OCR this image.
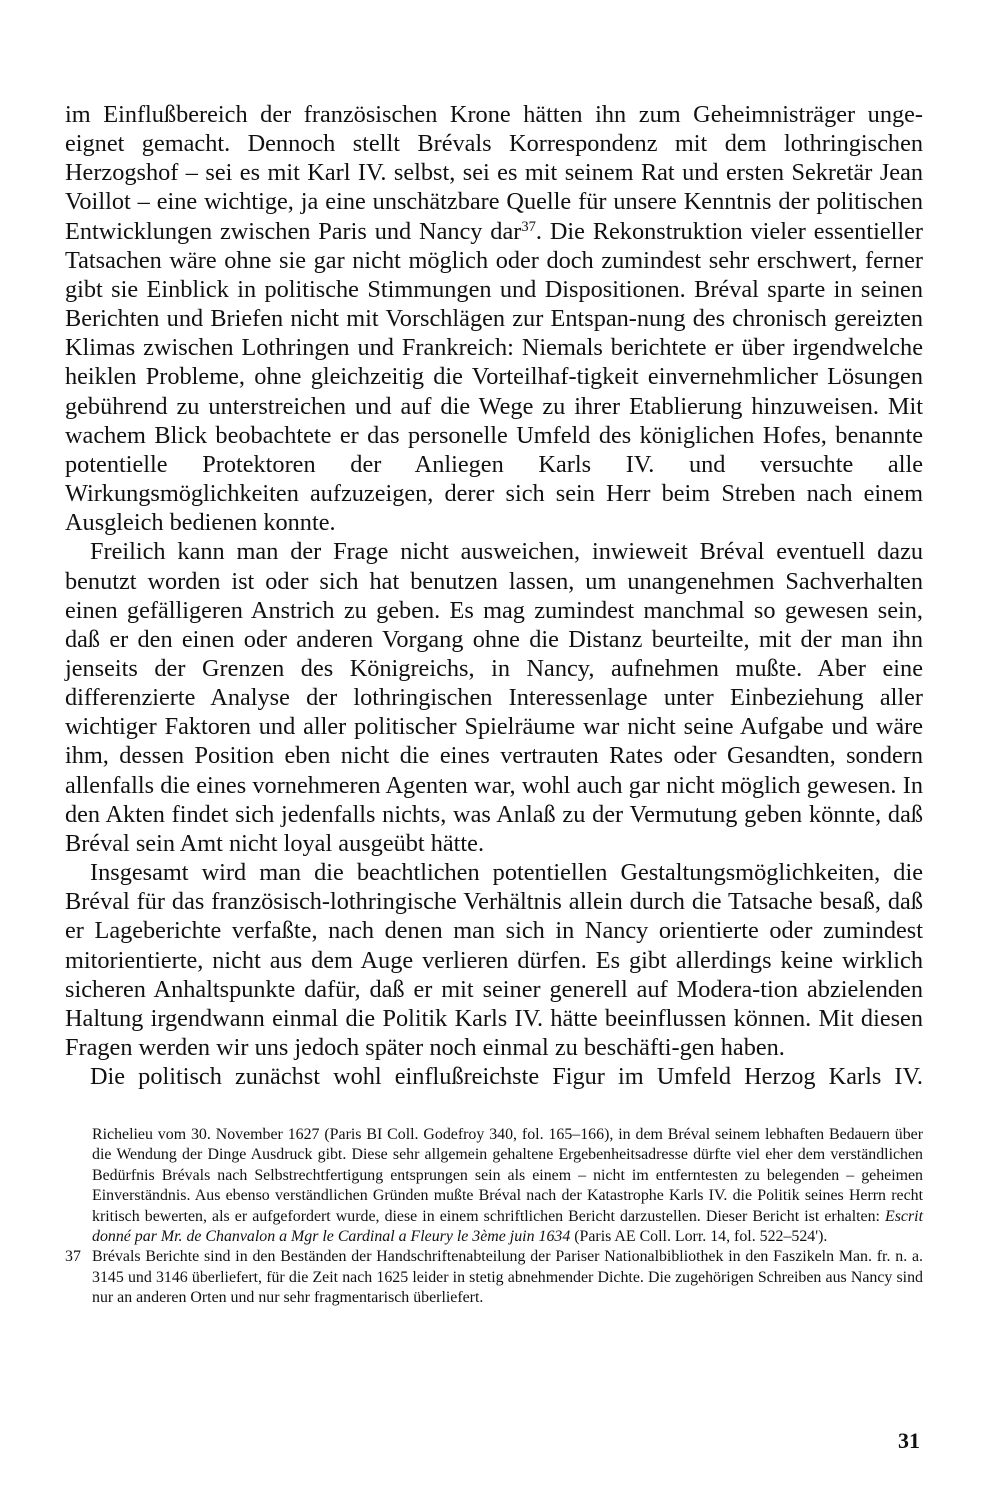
im Einflußbereich der französischen Krone hätten ihn zum Geheimnisträger unge-eignet gemacht. Dennoch stellt Brévals Korrespondenz mit dem lothringischen Herzogshof – sei es mit Karl IV. selbst, sei es mit seinem Rat und ersten Sekretär Jean Voillot – eine wichtige, ja eine unschätzbare Quelle für unsere Kenntnis der politischen Entwicklungen zwischen Paris und Nancy dar$^{37}$. Die Rekonstruktion vieler essentieller Tatsachen wäre ohne sie gar nicht möglich oder doch zumindest sehr erschwert, ferner gibt sie Einblick in politische Stimmungen und Dispositionen. Bréval sparte in seinen Berichten und Briefen nicht mit Vorschlägen zur Entspan-nung des chronisch gereizten Klimas zwischen Lothringen und Frankreich: Niemals berichtete er über irgendwelche heiklen Probleme, ohne gleichzeitig die Vorteilhaf-tigkeit einvernehmlicher Lösungen gebührend zu unterstreichen und auf die Wege zu ihrer Etablierung hinzuweisen. Mit wachem Blick beobachtete er das personelle Umfeld des königlichen Hofes, benannte potentielle Protektoren der Anliegen Karls IV. und versuchte alle Wirkungsmöglichkeiten aufzuzeigen, derer sich sein Herr beim Streben nach einem Ausgleich bedienen konnte.

Freilich kann man der Frage nicht ausweichen, inwieweit Bréval eventuell dazu benutzt worden ist oder sich hat benutzen lassen, um unangenehmen Sachverhalten einen gefälligeren Anstrich zu geben. Es mag zumindest manchmal so gewesen sein, daß er den einen oder anderen Vorgang ohne die Distanz beurteilte, mit der man ihn jenseits der Grenzen des Königreichs, in Nancy, aufnehmen mußte. Aber eine differenzierte Analyse der lothringischen Interessenlage unter Einbeziehung aller wichtiger Faktoren und aller politischer Spielräume war nicht seine Aufgabe und wäre ihm, dessen Position eben nicht die eines vertrauten Rates oder Gesandten, sondern allenfalls die eines vornehmeren Agenten war, wohl auch gar nicht möglich gewesen. In den Akten findet sich jedenfalls nichts, was Anlaß zu der Vermutung geben könnte, daß Bréval sein Amt nicht loyal ausgeübt hätte.

Insgesamt wird man die beachtlichen potentiellen Gestaltungsmöglichkeiten, die Bréval für das französisch-lothringische Verhältnis allein durch die Tatsache besaß, daß er Lageberichte verfaßte, nach denen man sich in Nancy orientierte oder zumindest mitorientierte, nicht aus dem Auge verlieren dürfen. Es gibt allerdings keine wirklich sicheren Anhaltspunkte dafür, daß er mit seiner generell auf Modera-tion abzielenden Haltung irgendwann einmal die Politik Karls IV. hätte beeinflussen können. Mit diesen Fragen werden wir uns jedoch später noch einmal zu beschäfti-gen haben.

Die politisch zunächst wohl einflußreichste Figur im Umfeld Herzog Karls IV.

Richelieu vom 30. November 1627 (Paris BI Coll. Godefroy 340, fol. 165–166), in dem Bréval seinem lebhaften Bedauern über die Wendung der Dinge Ausdruck gibt. Diese sehr allgemein gehaltene Ergebenheitsadresse dürfte viel eher dem verständlichen Bedürfnis Brévals nach Selbstrechtfertigung entsprungen sein als einem – nicht im entferntesten zu belegenden – geheimen Einverständnis. Aus ebenso verständlichen Gründen mußte Bréval nach der Katastrophe Karls IV. die Politik seines Herrn recht kritisch bewerten, als er aufgefordert wurde, diese in einem schriftlichen Bericht darzustellen. Dieser Bericht ist erhalten: Escrit donné par Mr. de Chanvalon a Mgr le Cardinal a Fleury le 3ème juin 1634 (Paris AE Coll. Lorr. 14, fol. 522–524').

37 Brévals Berichte sind in den Beständen der Handschriftenabteilung der Pariser Nationalbibliothek in den Faszikeln Man. fr. n. a. 3145 und 3146 überliefert, für die Zeit nach 1625 leider in stetig abnehmender Dichte. Die zugehörigen Schreiben aus Nancy sind nur an anderen Orten und nur sehr fragmentarisch überliefert.

31
